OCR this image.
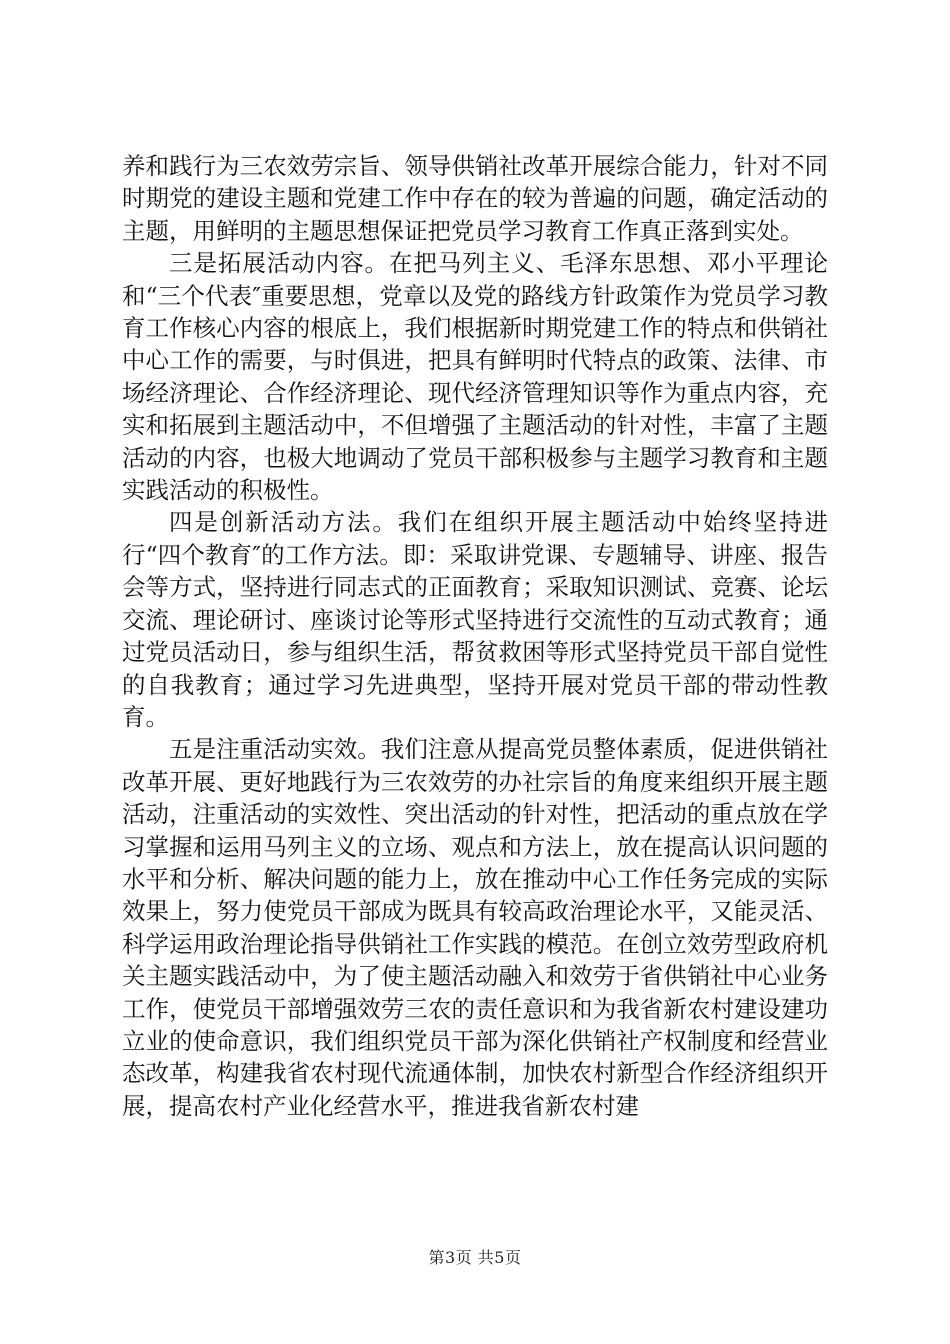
养和践行为三农效劳宗旨、领导供销社改革开展综合能力，针对不同时期党的建设主题和党建工作中存在的较为普遍的问题，确定活动的主题，用鲜明的主题思想保证把党员学习教育工作真正落到实处。

三是拓展活动内容。在把马列主义、毛泽东思想、邓小平理论和“三个代表″重要思想，党章以及党的路线方针政策作为党员学习教育工作核心内容的根底上，我们根据新时期党建工作的特点和供销社中心工作的需要，与时俱进，把具有鲜明时代特点的政策、法律、市场经济理论、合作经济理论、现代经济管理知识等作为重点内容，充实和拓展到主题活动中，不但增强了主题活动的针对性，丰富了主题活动的内容，也极大地调动了党员干部积极参与主题学习教育和主题实践活动的积极性。

四是创新活动方法。我们在组织开展主题活动中始终坚持进行“四个教育″的工作方法。即：采取讲党课、专题辅导、讲座、报告会等方式，坚持进行同志式的正面教育；采取知识测试、竞赛、论坛交流、理论研讨、座谈讨论等形式坚持进行交流性的互动式教育；通过党员活动日，参与组织生活，帮贫救困等形式坚持党员干部自觉性的自我教育；通过学习先进典型，坚持开展对党员干部的带动性教育。

五是注重活动实效。我们注意从提高党员整体素质，促进供销社改革开展、更好地践行为三农效劳的办社宗旨的角度来组织开展主题活动，注重活动的实效性、突出活动的针对性，把活动的重点放在学习掌握和运用马列主义的立场、观点和方法上，放在提高认识问题的水平和分析、解决问题的能力上，放在推动中心工作任务完成的实际效果上，努力使党员干部成为既具有较高政治理论水平，又能灵活、科学运用政治理论指导供销社工作实践的模范。在创立效劳型政府机关主题实践活动中，为了使主题活动融入和效劳于省供销社中心业务工作，使党员干部增强效劳三农的责任意识和为我省新农村建设建功立业的使命意识，我们组织党员干部为深化供销社产权制度和经营业态改革，构建我省农村现代流通体制，加快农村新型合作经济组织开展，提高农村产业化经营水平，推进我省新农村建

第3页 共5页
